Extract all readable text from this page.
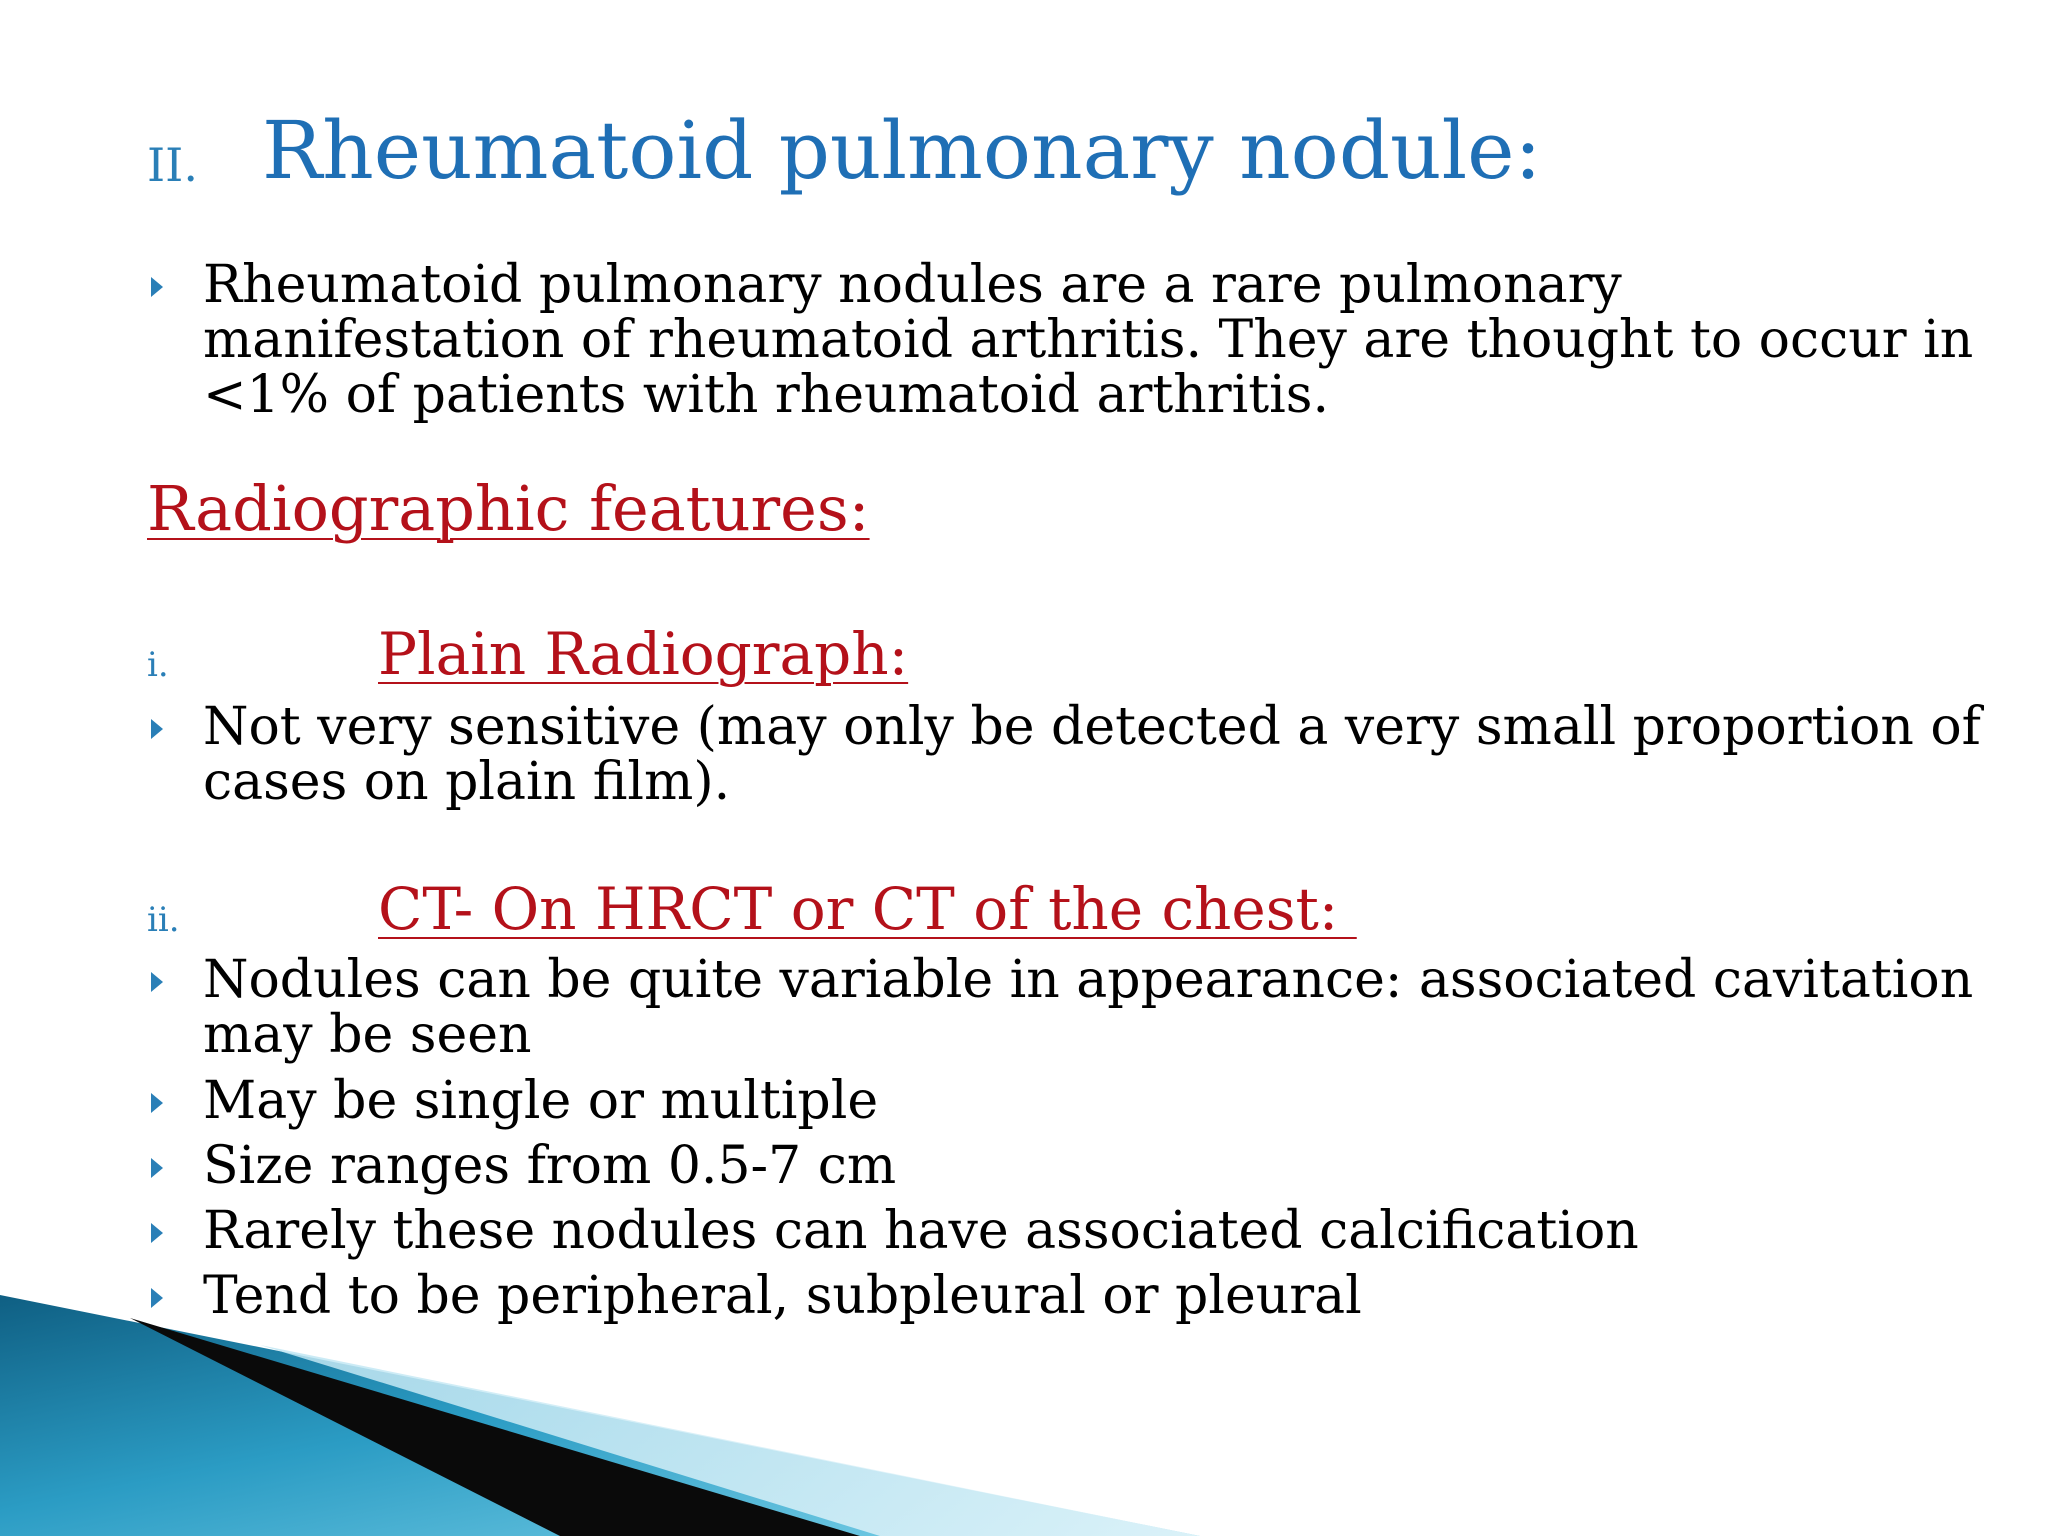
II. Rheumatoid pulmonary nodule:
Rheumatoid pulmonary nodules are a rare pulmonary
manifestation of rheumatoid arthritis. They are thought to occur in
<1% of patients with rheumatoid arthritis.
Radiographic features:
i.	Plain Radiograph:
Not very sensitive (may only be detected a very small proportion of
cases on plain film).
ii.	CT- On HRCT or CT of the chest:
Nodules can be quite variable in appearance: associated cavitation
may be seen
May be single or multiple
Size ranges from 0.5-7 cm
Rarely these nodules can have associated calcification
Tend to be peripheral, subpleural or pleural
